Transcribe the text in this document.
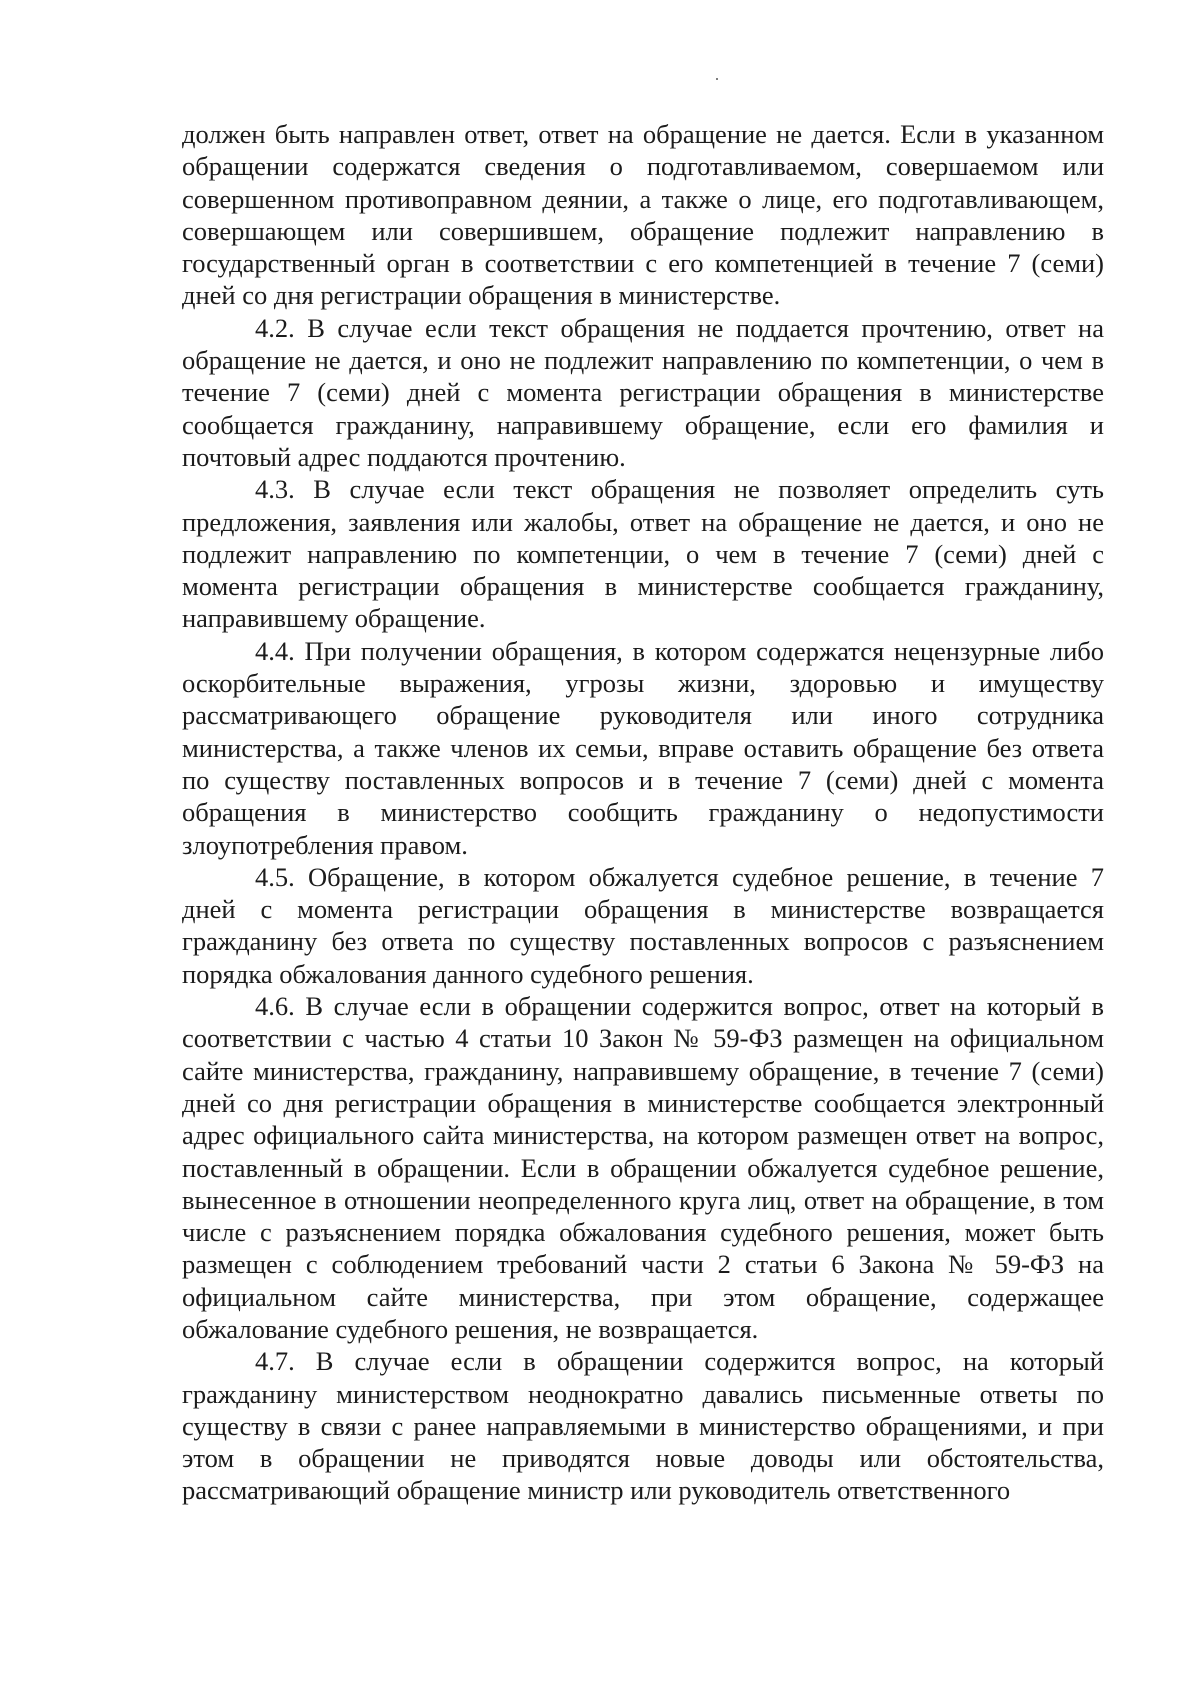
должен быть направлен ответ, ответ на обращение не дается. Если в указанном обращении содержатся сведения о подготавливаемом, совершаемом или совершенном противоправном деянии, а также о лице, его подготавливающем, совершающем или совершившем, обращение подлежит направлению в государственный орган в соответствии с его компетенцией в течение 7 (семи) дней со дня регистрации обращения в министерстве.

4.2. В случае если текст обращения не поддается прочтению, ответ на обращение не дается, и оно не подлежит направлению по компетенции, о чем в течение 7 (семи) дней с момента регистрации обращения в министерстве сообщается гражданину, направившему обращение, если его фамилия и почтовый адрес поддаются прочтению.

4.3. В случае если текст обращения не позволяет определить суть предложения, заявления или жалобы, ответ на обращение не дается, и оно не подлежит направлению по компетенции, о чем в течение 7 (семи) дней с момента регистрации обращения в министерстве сообщается гражданину, направившему обращение.

4.4. При получении обращения, в котором содержатся нецензурные либо оскорбительные выражения, угрозы жизни, здоровью и имуществу рассматривающего обращение руководителя или иного сотрудника министерства, а также членов их семьи, вправе оставить обращение без ответа по существу поставленных вопросов и в течение 7 (семи) дней с момента обращения в министерство сообщить гражданину о недопустимости злоупотребления правом.

4.5. Обращение, в котором обжалуется судебное решение, в течение 7 дней с момента регистрации обращения в министерстве возвращается гражданину без ответа по существу поставленных вопросов с разъяснением порядка обжалования данного судебного решения.

4.6. В случае если в обращении содержится вопрос, ответ на который в соответствии с частью 4 статьи 10 Закон № 59-ФЗ размещен на официальном сайте министерства, гражданину, направившему обращение, в течение 7 (семи) дней со дня регистрации обращения в министерстве сообщается электронный адрес официального сайта министерства, на котором размещен ответ на вопрос, поставленный в обращении. Если в обращении обжалуется судебное решение, вынесенное в отношении неопределенного круга лиц, ответ на обращение, в том числе с разъяснением порядка обжалования судебного решения, может быть размещен с соблюдением требований части 2 статьи 6 Закона № 59-ФЗ на официальном сайте министерства, при этом обращение, содержащее обжалование судебного решения, не возвращается.

4.7. В случае если в обращении содержится вопрос, на который гражданину министерством неоднократно давались письменные ответы по существу в связи с ранее направляемыми в министерство обращениями, и при этом в обращении не приводятся новые доводы или обстоятельства, рассматривающий обращение министр или руководитель ответственного
